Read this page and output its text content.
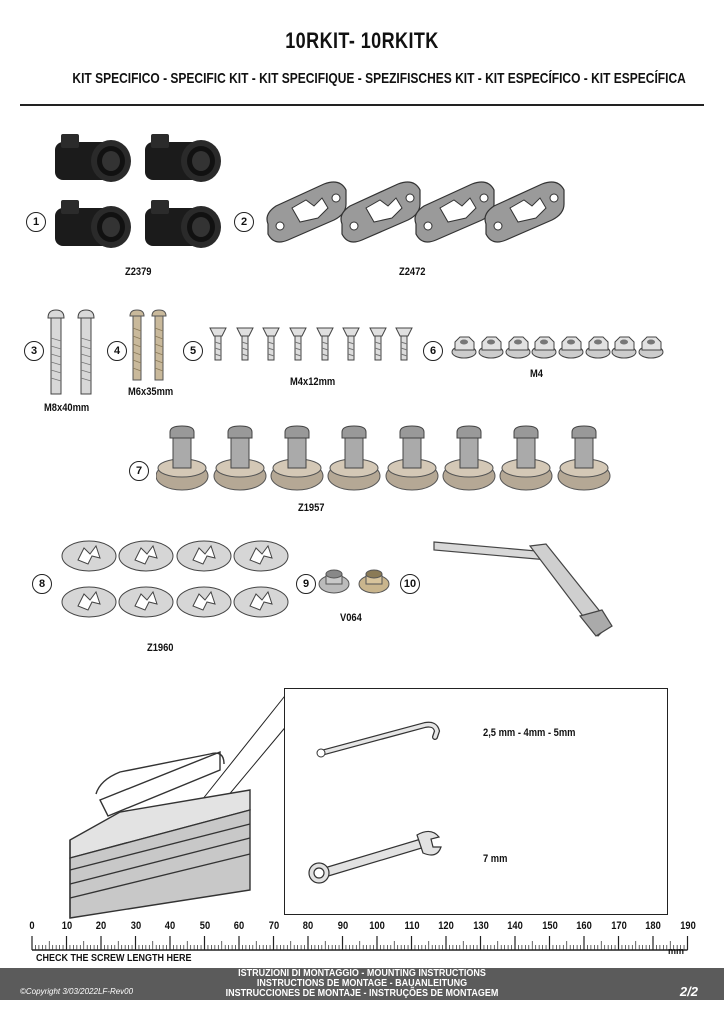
10RKIT- 10RKITK
KIT SPECIFICO - SPECIFIC KIT - KIT SPECIFIQUE - SPEZIFISCHES KIT - KIT ESPECÍFICO - KIT ESPECÍFICA
1
Z2379
2
Z2472
3
M8x40mm
4
M6x35mm
5
M4x12mm
6
M4
7
Z1957
8
Z1960
9
V064
10
2,5 mm - 4mm - 5mm
7 mm
0 10 20 30 40 50 60 70 80 90 100 110 120 130 140 150 160 170 180 190
mm
CHECK THE SCREW LENGTH HERE
ISTRUZIONI DI MONTAGGIO - MOUNTING INSTRUCTIONS
INSTRUCTIONS DE MONTAGE - BAUANLEITUNG
INSTRUCCIONES DE MONTAJE - INSTRUÇÕES DE MONTAGEM
©Copyright 3/03/2022LF-Rev00	2/2
